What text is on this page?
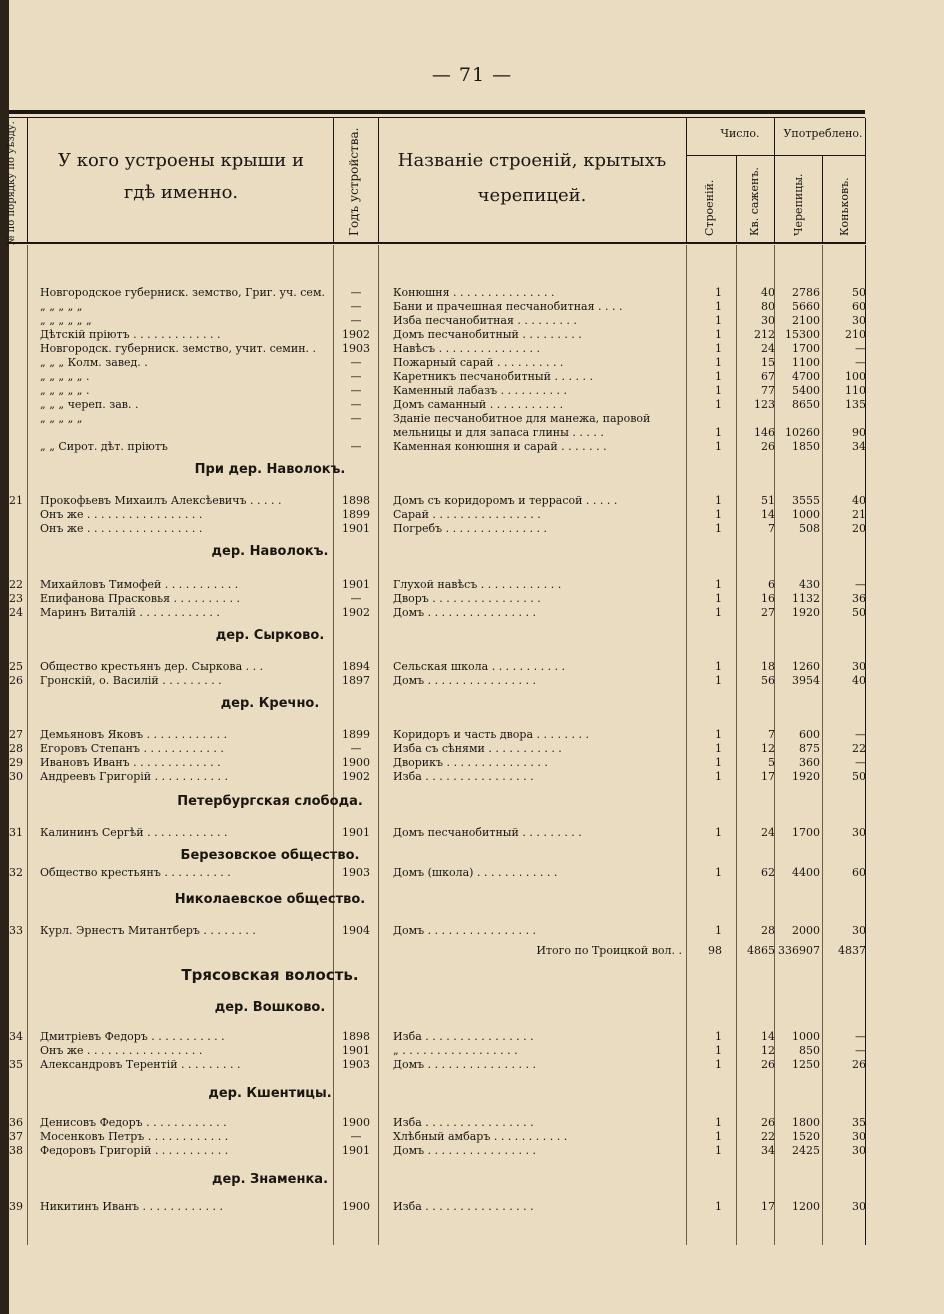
— 71 —
№ по порядку по уѣзду.	У кого устроены крыши и
гдѣ именно.	Годъ устройства.	Названіе строеній, крытыхъ
черепицей.
Число.	Употреблено.
Строеній.	Кв. саженъ.	Черепицы.	Коньковъ.
Новгородское губерниск. земство, Григ. уч. сем.	—	Конюшня . . . . . . . . . . . . . . .	1	40	2786	50
„ „ „ „ „	—	Бани и прачешная песчанобитная . . . .	1	80	5660	60
„ „ „ „ „ „	—	Изба песчанобитная . . . . . . . . .	1	30	2100	30
Дѣтскій пріютъ . . . . . . . . . . . . .	1902	Домъ песчанобитный . . . . . . . . .	1	212 15300	210
Новгородск. губерниск. земство, учит. семин. .	1903	Навѣсъ . . . . . . . . . . . . . . .	1	24	1700	—
„ „ „ Колм. завед. .	—	Пожарный сарай . . . . . . . . . .	1	15	1100	—
„ „ „ „ „ .	—	Каретникъ песчанобитный . . . . . .	1	67	4700	100
„ „ „ „ „ .	—	Каменный лабазъ . . . . . . . . . .	1	77	5400	110
„ „ „ череп. зав. .	—	Домъ саманный . . . . . . . . . . .	1	123	8650	135
„ „ „ „ „	—	Зданіе песчанобитное для манежа, паровой
мельницы и для запаса глины . . . . .	1	146 10260	90
„ „ Сирот. дѣт. пріютъ	—	Каменная конюшня и сарай . . . . . . .	1	26	1850	34
При дер. Наволокъ.
21 Прокофьевъ Михаилъ Алексѣевичъ . . . . .	1898	Домъ съ коридоромъ и террасой . . . . .	1	51	3555	40
Онъ же . . . . . . . . . . . . . . . . .	1899	Сарай . . . . . . . . . . . . . . . .	1	14	1000	21
Онъ же . . . . . . . . . . . . . . . . .	1901	Погребъ . . . . . . . . . . . . . . .	1	7	508	20
дер. Наволокъ.
22 Михайловъ Тимофей . . . . . . . . . . .	1901	Глухой навѣсъ . . . . . . . . . . . .	1	6	430	—
23 Епифанова Прасковья . . . . . . . . . .	—	Дворъ . . . . . . . . . . . . . . . .	1	16	1132	36
24 Маринъ Виталій . . . . . . . . . . . .	1902	Домъ . . . . . . . . . . . . . . . .	1	27	1920	50
дер. Сырково.
25 Общество крестьянъ дер. Сыркова . . .	1894	Сельская школа . . . . . . . . . . .	1	18	1260	30
26 Гронскій, о. Василій . . . . . . . . .	1897	Домъ . . . . . . . . . . . . . . . .	1	56	3954	40
дер. Кречно.
27 Демьяновъ Яковъ . . . . . . . . . . . .	1899	Коридоръ и часть двора . . . . . . . .	1	7	600	—
28 Егоровъ Степанъ . . . . . . . . . . . .	—	Изба съ сѣнями . . . . . . . . . . .	1	12	875	22
29 Ивановъ Иванъ . . . . . . . . . . . . .	1900	Дворикъ . . . . . . . . . . . . . . .	1	5	360	—
30 Андреевъ Григорій . . . . . . . . . . .	1902	Изба . . . . . . . . . . . . . . . .	1	17	1920	50
Петербургская слобода.
31 Калининъ Сергѣй . . . . . . . . . . . .	1901	Домъ песчанобитный . . . . . . . . .	1	24	1700	30
Березовское общество.
32 Общество крестьянъ . . . . . . . . . .	1903	Домъ (школа) . . . . . . . . . . . .	1	62	4400	60
Николаевское общество.
33 Курл. Эрнестъ Митантберъ . . . . . . . .	1904	Домъ . . . . . . . . . . . . . . . .	1	28	2000	30
Итого по Троицкой вол. .	98	4865 336907	4837
Трясовская волость.
дер. Вошково.
34 Дмитріевъ Федоръ . . . . . . . . . . .	1898	Изба . . . . . . . . . . . . . . . .	1	14	1000	—
Онъ же . . . . . . . . . . . . . . . . .	1901	„ . . . . . . . . . . . . . . . . .	1	12	850	—
35 Александровъ Терентій . . . . . . . . .	1903	Домъ . . . . . . . . . . . . . . . .	1	26	1250	26
дер. Кшентицы.
36 Денисовъ Федоръ . . . . . . . . . . . .	1900	Изба . . . . . . . . . . . . . . . .	1	26	1800	35
37 Мосенковъ Петръ . . . . . . . . . . . .	—	Хлѣбный амбаръ . . . . . . . . . . .	1	22	1520	30
38 Федоровъ Григорій . . . . . . . . . . .	1901	Домъ . . . . . . . . . . . . . . . .	1	34	2425	30
дер. Знаменка.
39 Никитинъ Иванъ . . . . . . . . . . . .	1900	Изба . . . . . . . . . . . . . . . .	1	17	1200	30
